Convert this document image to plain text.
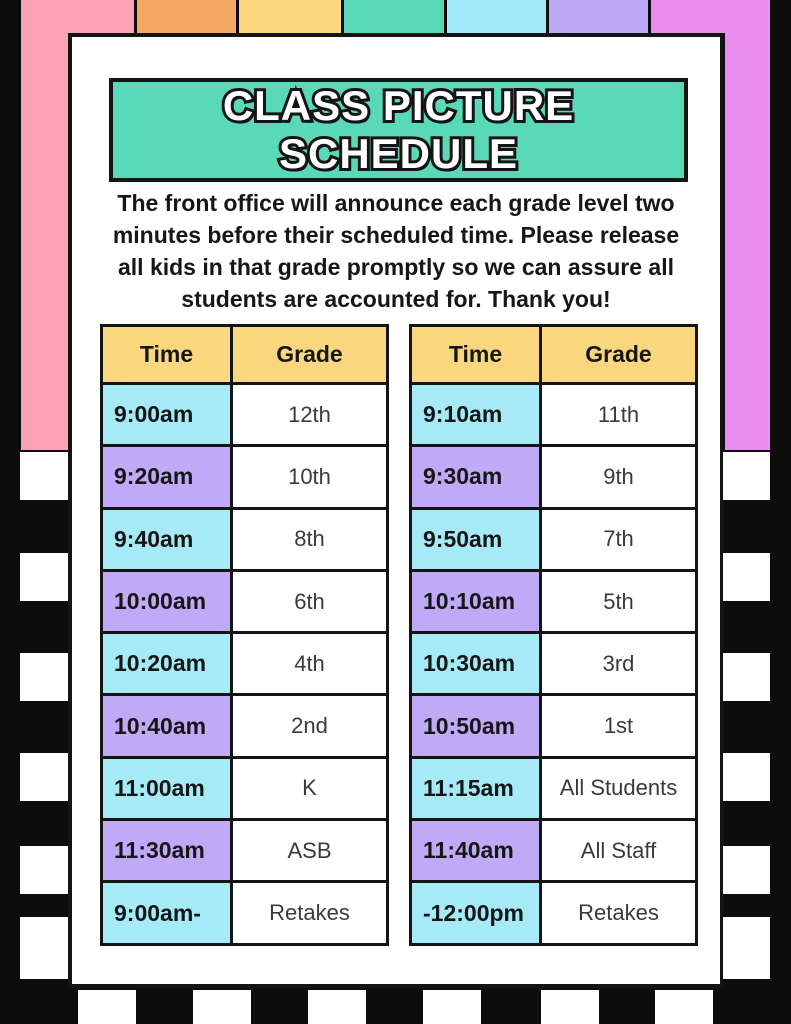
CLASS PICTURE
SCHEDULE
The front office will announce each grade level two
minutes before their scheduled time. Please release
all kids in that grade promptly so we can assure all
students are accounted for. Thank you!
Time	Grade
9:00am	12th
9:20am	10th
9:40am	8th
10:00am	6th
10:20am	4th
10:40am	2nd
11:00am	K
11:30am	ASB
9:00am-	Retakes
Time	Grade
9:10am	11th
9:30am	9th
9:50am	7th
10:10am	5th
10:30am	3rd
10:50am	1st
11:15am	All Students
11:40am	All Staff
-12:00pm	Retakes
